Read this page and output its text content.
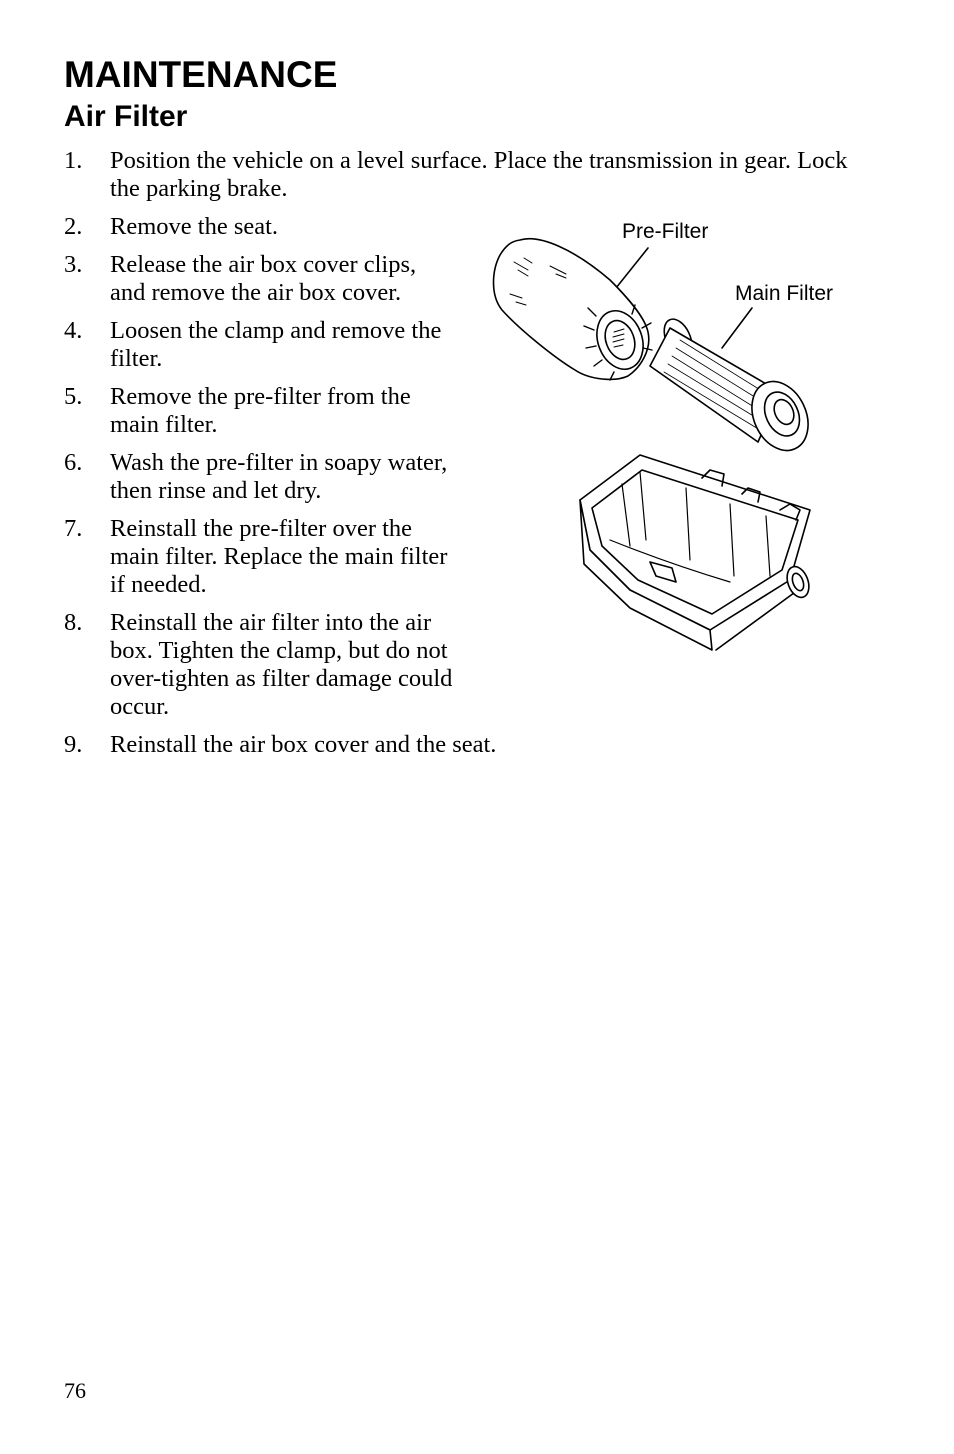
MAINTENANCE
Air Filter
1. Position the vehicle on a level surface. Place the transmission in gear. Lock the parking brake.
2. Remove the seat.
3. Release the air box cover clips, and remove the air box cover.
4. Loosen the clamp and remove the filter.
5. Remove the pre-filter from the main filter.
6. Wash the pre-filter in soapy water, then rinse and let dry.
7. Reinstall the pre-filter over the main filter. Replace the main filter if needed.
8. Reinstall the air filter into the air box. Tighten the clamp, but do not over-tighten as filter damage could occur.
9. Reinstall the air box cover and the seat.
Pre-Filter
Main Filter
76
